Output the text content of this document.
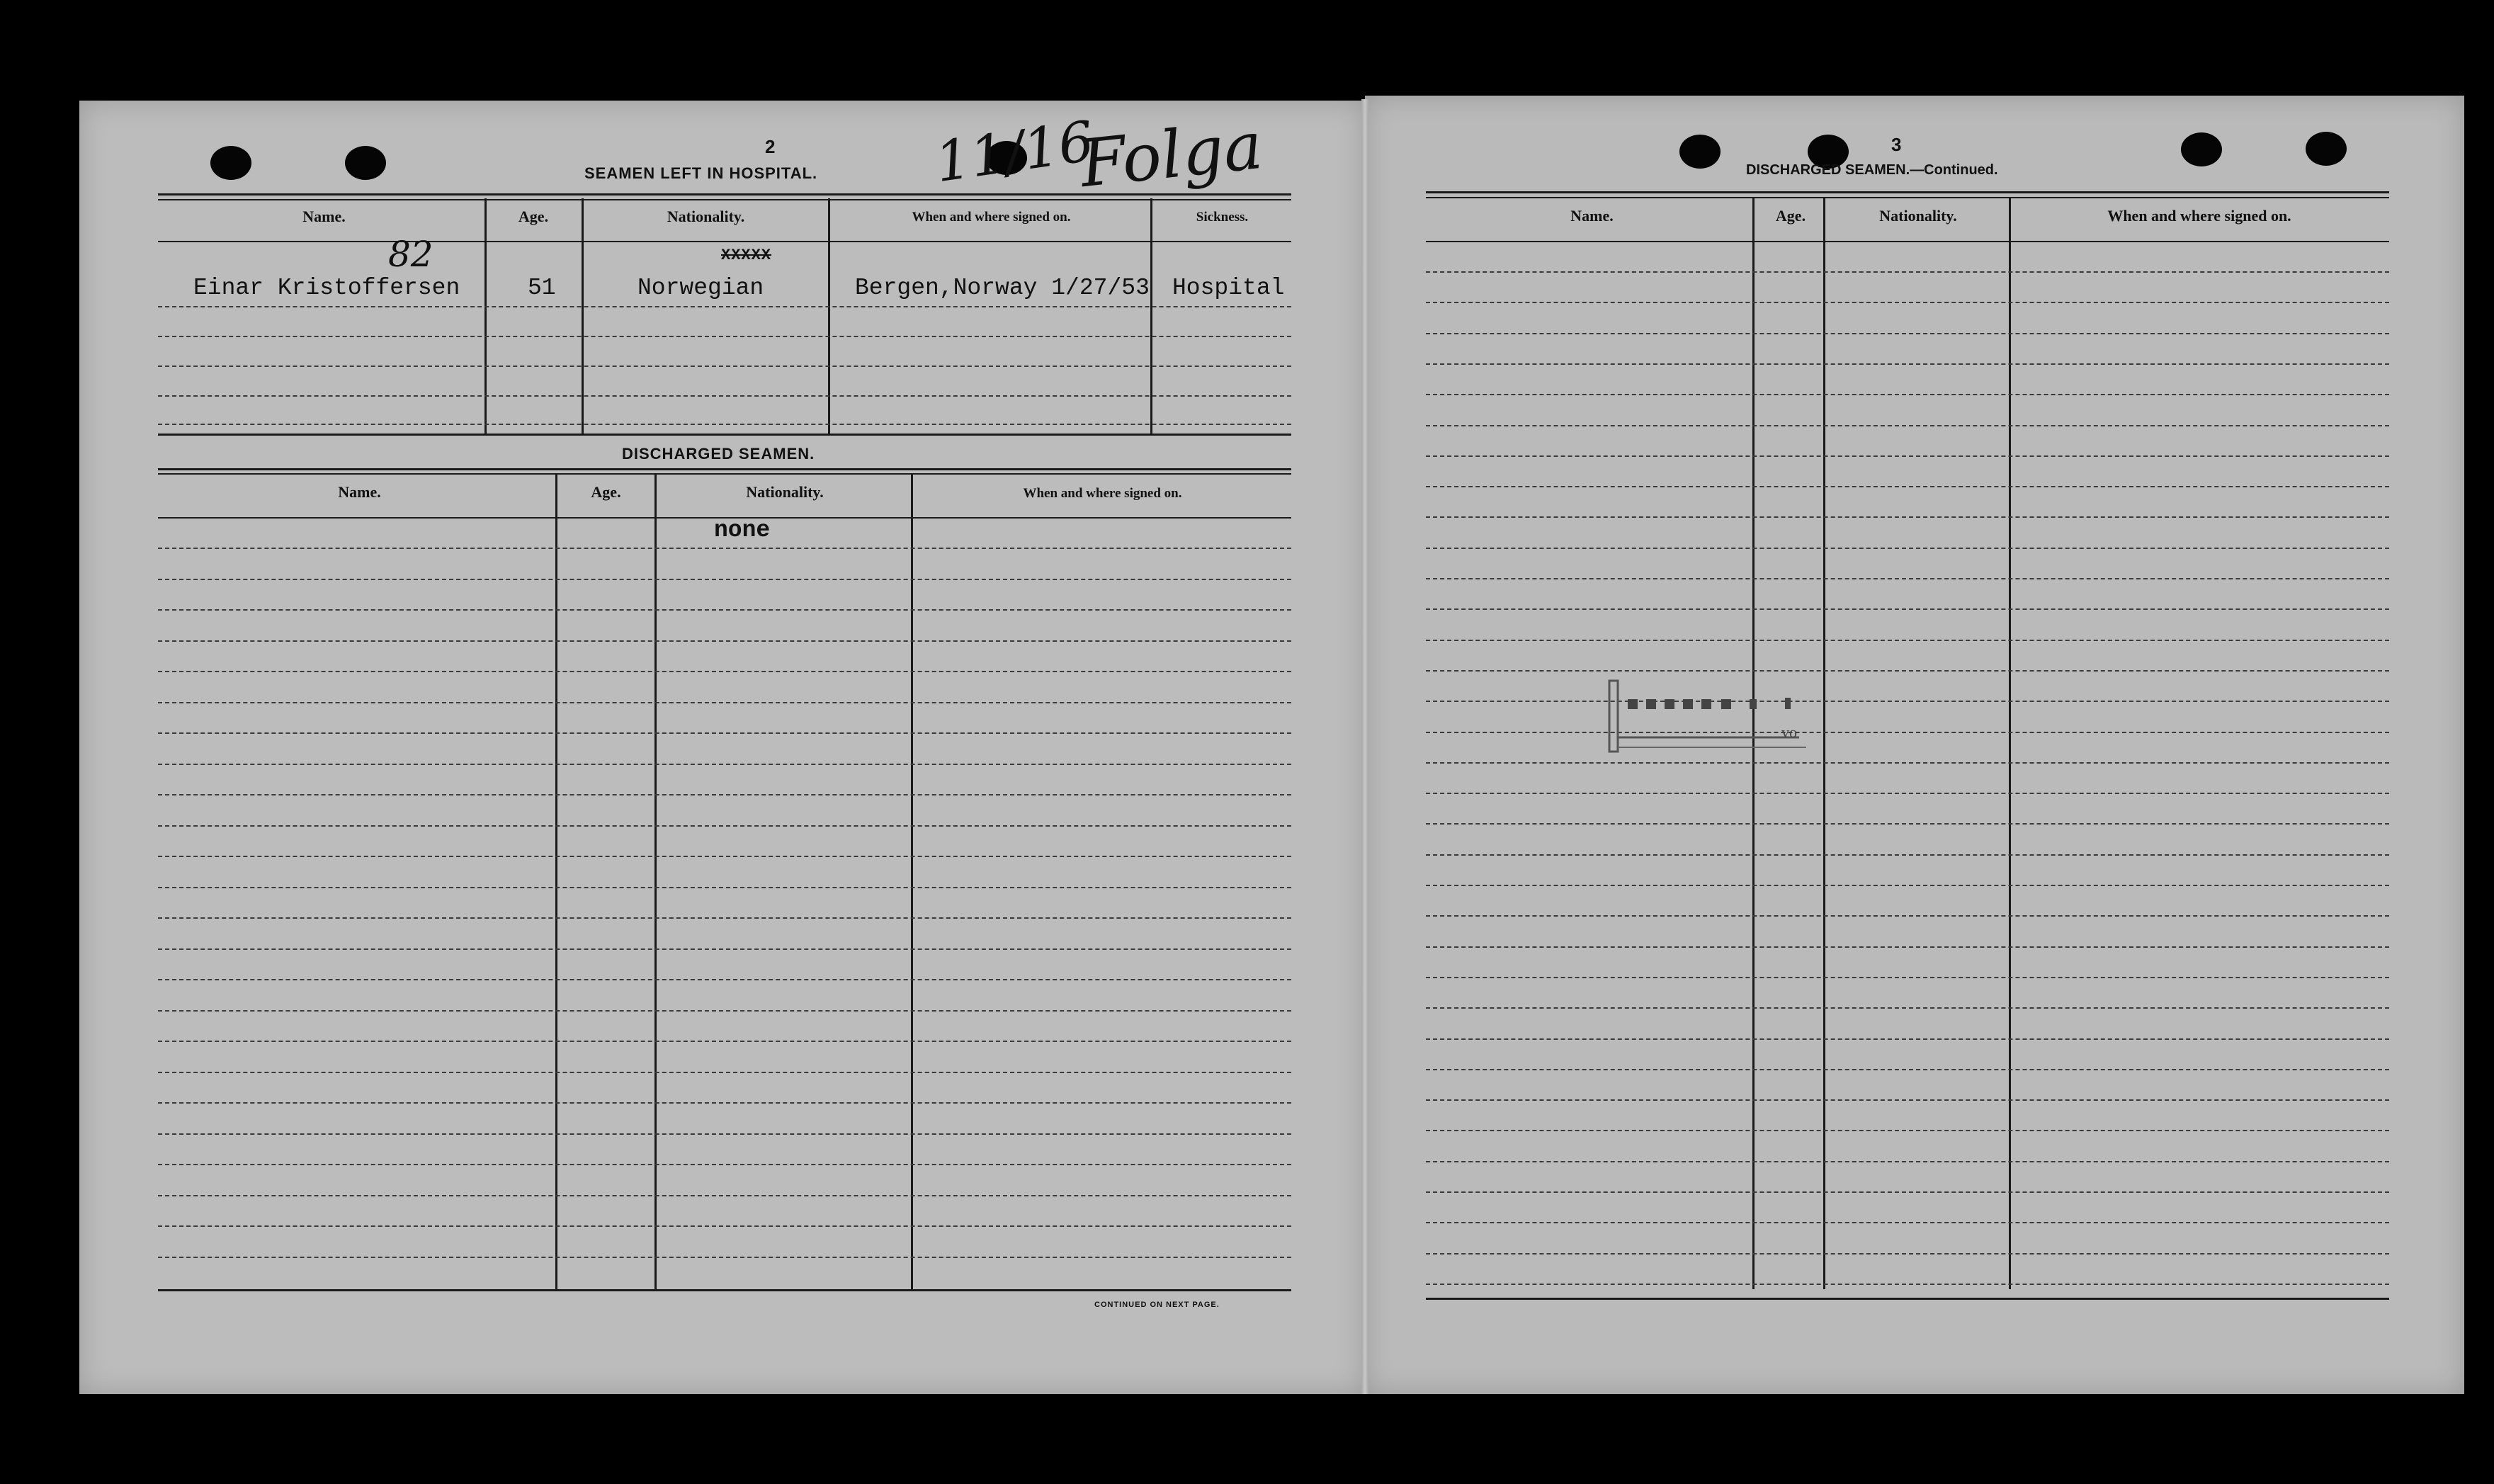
2
SEAMEN LEFT IN HOSPITAL. 11/16
Folga
Name.	Age.	Nationality.	When and where signed on.	Sickness.
82	XXXXX
Einar Kristoffersen	51	Norwegian	Bergen,Norway 1/27/53 Hospital
DISCHARGED SEAMEN.
Name.	Age.	Nationality.	When and where signed on.
none
CONTINUED ON NEXT PAGE.
3
DISCHARGED SEAMEN.—Continued.
Name.	Age.	Nationality.	When and where signed on.
vo
